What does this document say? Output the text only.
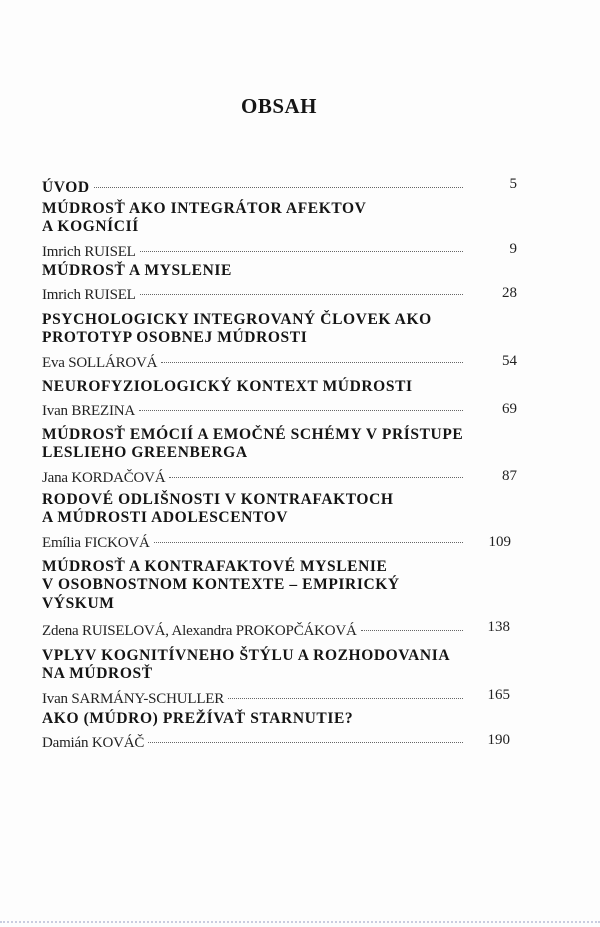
OBSAH
ÚVOD	5
MÚDROSŤ AKO INTEGRÁTOR AFEKTOV
A KOGNÍCIÍ
Imrich RUISEL	9
MÚDROSŤ A MYSLENIE
Imrich RUISEL	28
PSYCHOLOGICKY INTEGROVANÝ ČLOVEK AKO
PROTOTYP OSOBNEJ MÚDROSTI
Eva SOLLÁROVÁ	54
NEUROFYZIOLOGICKÝ KONTEXT MÚDROSTI
Ivan BREZINA	69
MÚDROSŤ EMÓCIÍ A EMOČNÉ SCHÉMY V PRÍSTUPE
LESLIEHO GREENBERGA
Jana KORDAČOVÁ	87
RODOVÉ ODLIŠNOSTI V KONTRAFAKTOCH
A MÚDROSTI ADOLESCENTOV
Emília FICKOVÁ	109
MÚDROSŤ A KONTRAFAKTOVÉ MYSLENIE
V OSOBNOSTNOM KONTEXTE – EMPIRICKÝ
VÝSKUM
Zdena RUISELOVÁ, Alexandra PROKOPČÁKOVÁ	138
VPLYV KOGNITÍVNEHO ŠTÝLU A ROZHODOVANIA
NA MÚDROSŤ
Ivan SARMÁNY-SCHULLER	165
AKO (MÚDRO) PREŽÍVAŤ STARNUTIE?
Damián KOVÁČ	190
